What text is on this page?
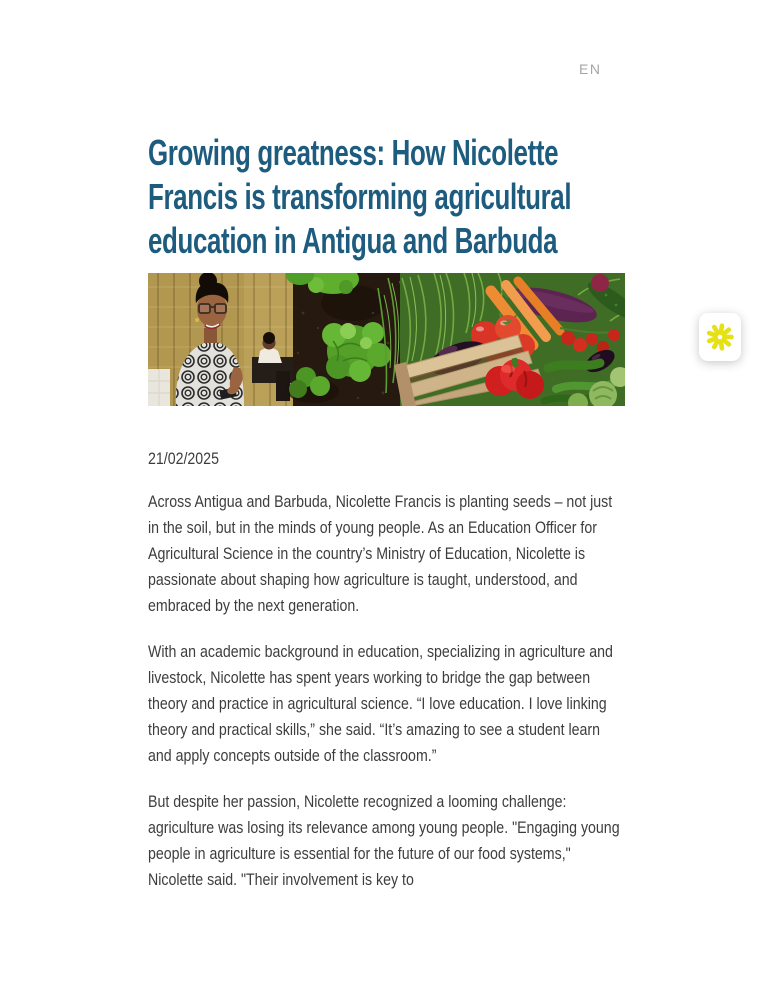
EN
Growing greatness: How Nicolette Francis is transforming agricultural education in Antigua and Barbuda
21/02/2025

Across Antigua and Barbuda, Nicolette Francis is planting seeds – not just in the soil, but in the minds of young people. As an Education Officer for Agricultural Science in the country’s Ministry of Education, Nicolette is passionate about shaping how agriculture is taught, understood, and embraced by the next generation.

With an academic background in education, specializing in agriculture and livestock, Nicolette has spent years working to bridge the gap between theory and practice in agricultural science. “I love education. I love linking theory and practical skills,” she said. “It’s amazing to see a student learn and apply concepts outside of the classroom.”

But despite her passion, Nicolette recognized a looming challenge: agriculture was losing its relevance among young people. "Engaging young people in agriculture is essential for the future of our food systems," Nicolette said. "Their involvement is key to
